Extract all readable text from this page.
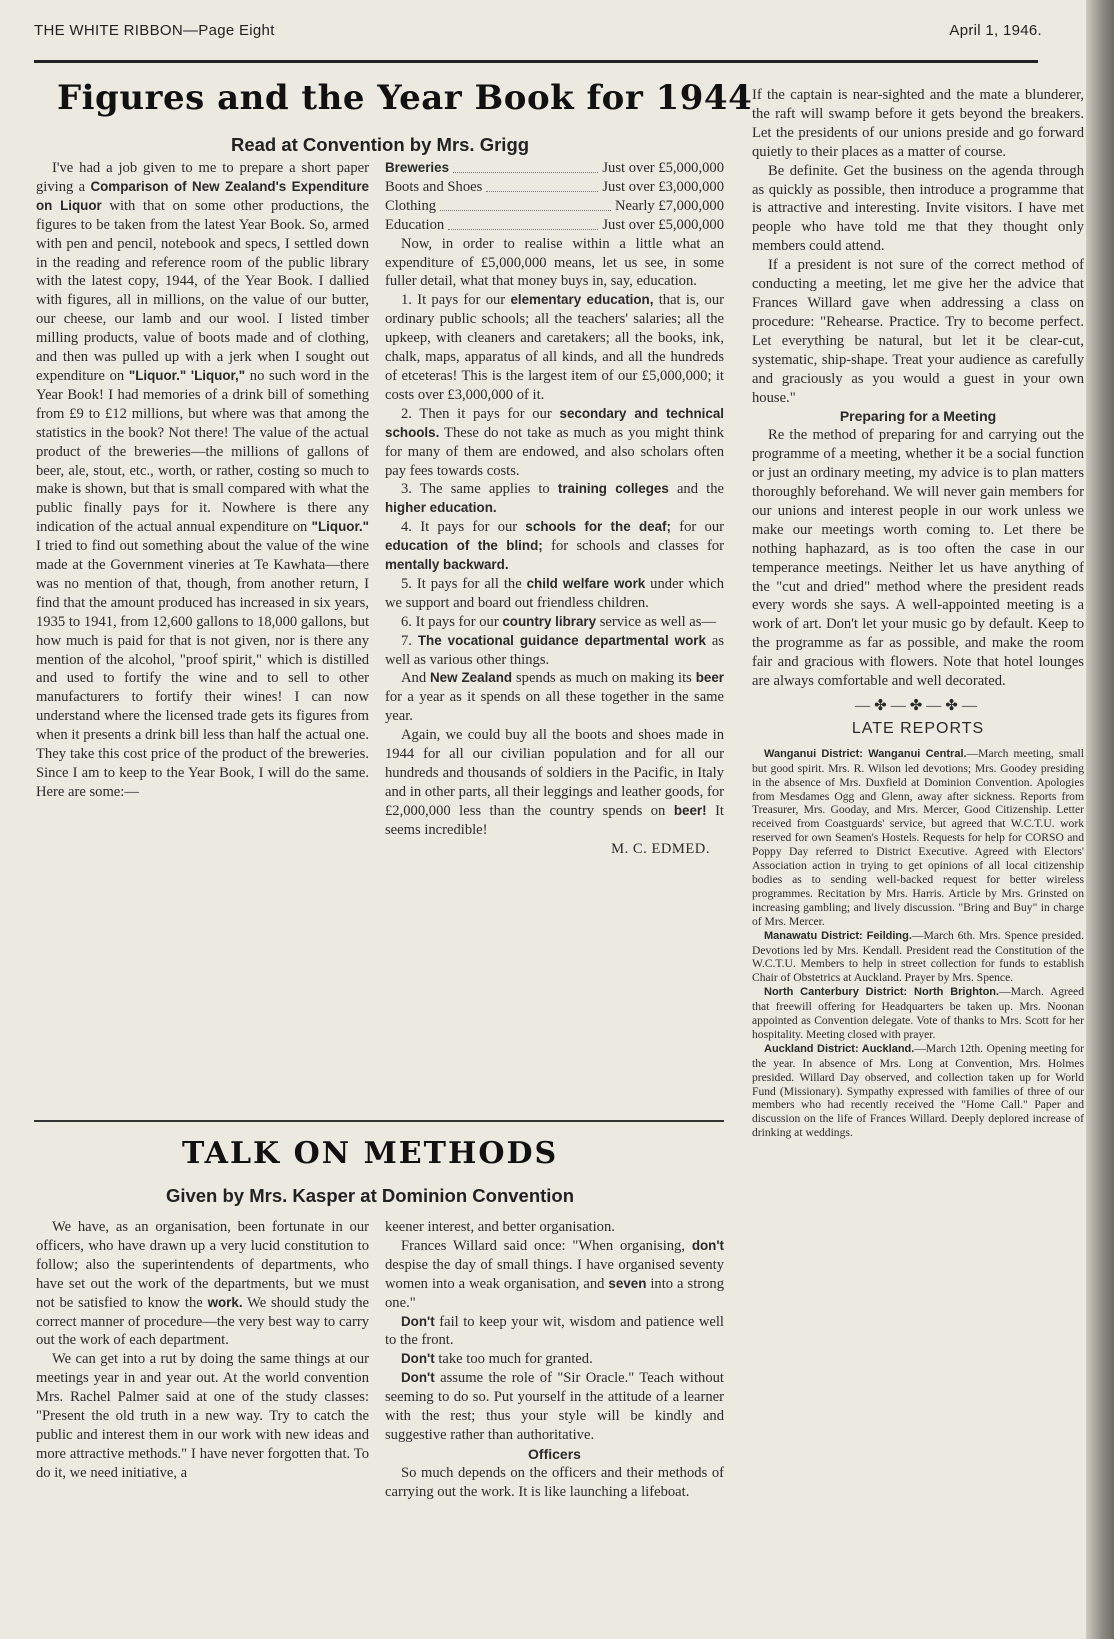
THE WHITE RIBBON—Page Eight	April 1, 1946.
Figures and the Year Book for 1944
Read at Convention by Mrs. Grigg

I've had a job given to me to prepare a short paper giving a Comparison of New Zealand's Expenditure on Liquor with that on some other productions, the figures to be taken from the latest Year Book. So, armed with pen and pencil, notebook and specs, I settled down in the reading and reference room of the public library with the latest copy, 1944, of the Year Book. I dallied with figures, all in millions, on the value of our butter, our cheese, our lamb and our wool. I listed timber milling products, value of boots made and of clothing, and then was pulled up with a jerk when I sought out expenditure on "Liquor." 'Liquor," no such word in the Year Book! I had memories of a drink bill of something from £9 to £12 millions, but where was that among the statistics in the book? Not there! The value of the actual product of the breweries—the millions of gallons of beer, ale, stout, etc., worth, or rather, costing so much to make is shown, but that is small compared with what the public finally pays for it. Nowhere is there any indication of the actual annual expenditure on "Liquor." I tried to find out something about the value of the wine made at the Government vineries at Te Kawhata—there was no mention of that, though, from another return, I find that the amount produced has increased in six years, 1935 to 1941, from 12,600 gallons to 18,000 gallons, but how much is paid for that is not given, nor is there any mention of the alcohol, "proof spirit," which is distilled and used to fortify the wine and to sell to other manufacturers to fortify their wines! I can now understand where the licensed trade gets its figures from when it presents a drink bill less than half the actual one. They take this cost price of the product of the breweries. Since I am to keep to the Year Book, I will do the same. Here are some:—

Breweries	Just over £5,000,000
Boots and Shoes	Just over £3,000,000
Clothing	Nearly £7,000,000
Education	Just over £5,000,000

Now, in order to realise within a little what an expenditure of £5,000,000 means, let us see, in some fuller detail, what that money buys in, say, education.

1. It pays for our elementary education, that is, our ordinary public schools; all the teachers' salaries; all the upkeep, with cleaners and caretakers; all the books, ink, chalk, maps, apparatus of all kinds, and all the hundreds of etceteras! This is the largest item of our £5,000,000; it costs over £3,000,000 of it.

2. Then it pays for our secondary and technical schools. These do not take as much as you might think for many of them are endowed, and also scholars often pay fees towards costs.

3. The same applies to training colleges and the higher education.

4. It pays for our schools for the deaf; for our education of the blind; for schools and classes for mentally backward.

5. It pays for all the child welfare work under which we support and board out friendless children.

6. It pays for our country library service as well as—

7. The vocational guidance departmental work as well as various other things.

And New Zealand spends as much on making its beer for a year as it spends on all these together in the same year.

Again, we could buy all the boots and shoes made in 1944 for all our civilian population and for all our hundreds and thousands of soldiers in the Pacific, in Italy and in other parts, all their leggings and leather goods, for £2,000,000 less than the country spends on beer! It seems incredible!

M. C. EDMED.

TALK ON METHODS
Given by Mrs. Kasper at Dominion Convention

We have, as an organisation, been fortunate in our officers, who have drawn up a very lucid constitution to follow; also the superintendents of departments, who have set out the work of the departments, but we must not be satisfied to know the work. We should study the correct manner of procedure—the very best way to carry out the work of each department.

We can get into a rut by doing the same things at our meetings year in and year out. At the world convention Mrs. Rachel Palmer said at one of the study classes: "Present the old truth in a new way. Try to catch the public and interest them in our work with new ideas and more attractive methods." I have never forgotten that. To do it, we need initiative, a

keener interest, and better organisation.

Frances Willard said once: "When organising, don't despise the day of small things. I have organised seventy women into a weak organisation, and seven into a strong one."

Don't fail to keep your wit, wisdom and patience well to the front.

Don't take too much for granted.

Don't assume the role of "Sir Oracle." Teach without seeming to do so. Put yourself in the attitude of a learner with the rest; thus your style will be kindly and suggestive rather than authoritative.

Officers

So much depends on the officers and their methods of carrying out the work. It is like launching a lifeboat.

If the captain is near-sighted and the mate a blunderer, the raft will swamp before it gets beyond the breakers. Let the presidents of our unions preside and go forward quietly to their places as a matter of course.

Be definite. Get the business on the agenda through as quickly as possible, then introduce a programme that is attractive and interesting. Invite visitors. I have met people who have told me that they thought only members could attend.

If a president is not sure of the correct method of conducting a meeting, let me give her the advice that Frances Willard gave when addressing a class on procedure: "Rehearse. Practice. Try to become perfect. Let everything be natural, but let it be clear-cut, systematic, ship-shape. Treat your audience as carefully and graciously as you would a guest in your own house."

Preparing for a Meeting

Re the method of preparing for and carrying out the programme of a meeting, whether it be a social function or just an ordinary meeting, my advice is to plan matters thoroughly beforehand. We will never gain members for our unions and interest people in our work unless we make our meetings worth coming to. Let there be nothing haphazard, as is too often the case in our temperance meetings. Neither let us have anything of the "cut and dried" method where the president reads every words she says. A well-appointed meeting is a work of art. Don't let your music go by default. Keep to the programme as far as possible, and make the room fair and gracious with flowers. Note that hotel lounges are always comfortable and well decorated.

—✤—✤—✤—
LATE REPORTS

Wanganui District: Wanganui Central.—March meeting, small but good spirit. Mrs. R. Wilson led devotions; Mrs. Goodey presiding in the absence of Mrs. Duxfield at Dominion Convention. Apologies from Mesdames Ogg and Glenn, away after sickness. Reports from Treasurer, Mrs. Gooday, and Mrs. Mercer, Good Citizenship. Letter received from Coastguards' service, but agreed that W.C.T.U. work reserved for own Seamen's Hostels. Requests for help for CORSO and Poppy Day referred to District Executive. Agreed with Electors' Association action in trying to get opinions of all local citizenship bodies as to sending well-backed request for better wireless programmes. Recitation by Mrs. Harris. Article by Mrs. Grinsted on increasing gambling; and lively discussion. "Bring and Buy" in charge of Mrs. Mercer.

Manawatu District: Feilding.—March 6th. Mrs. Spence presided. Devotions led by Mrs. Kendall. President read the Constitution of the W.C.T.U. Members to help in street collection for funds to establish Chair of Obstetrics at Auckland. Prayer by Mrs. Spence.

North Canterbury District: North Brighton.—March. Agreed that freewill offering for Headquarters be taken up. Mrs. Noonan appointed as Convention delegate. Vote of thanks to Mrs. Scott for her hospitality. Meeting closed with prayer.

Auckland District: Auckland.—March 12th. Opening meeting for the year. In absence of Mrs. Long at Convention, Mrs. Holmes presided. Willard Day observed, and collection taken up for World Fund (Missionary). Sympathy expressed with families of three of our members who had recently received the "Home Call." Paper and discussion on the life of Frances Willard. Deeply deplored increase of drinking at weddings.
